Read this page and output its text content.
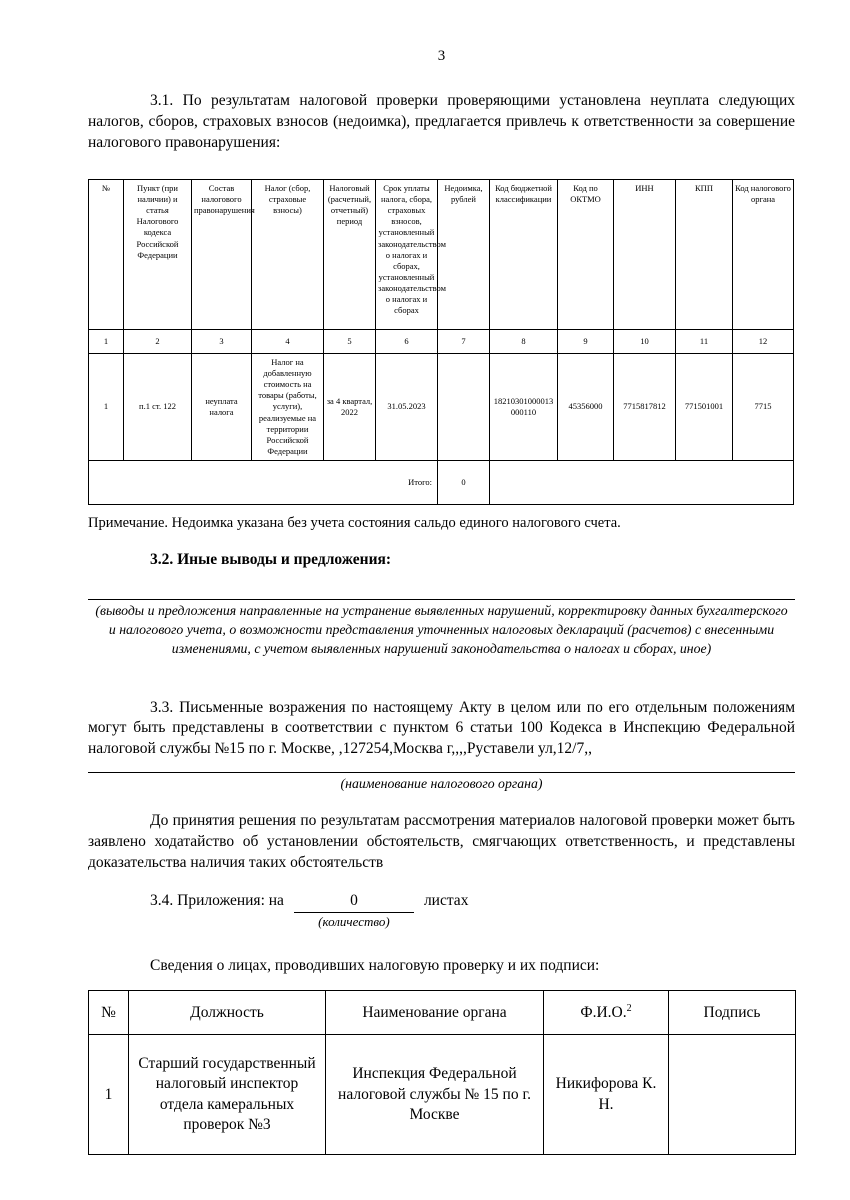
3
3.1. По результатам налоговой проверки проверяющими установлена неуплата следующих налогов, сборов, страховых взносов (недоимка), предлагается привлечь к ответственности за совершение налогового правонарушения:
№	Пункт (при наличии) и статья Налогового кодекса Российской Федерации	Состав налогового правонарушения	Налог (сбор, страховые взносы)	Налоговый (расчетный, отчетный) период	Срок уплаты налога, сбора, страховых взносов, установленный законодательством о налогах и сборах, установленный законодательством о налогах и сборах	Недоимка, рублей	Код бюджетной классификации	Код по ОКТМО	ИНН	КПП	Код налогового органа
1	2	3	4	5	6	7	8	9	10	11	12
1	п.1 ст. 122	неуплата налога	Налог на добавленную стоимость на товары (работы, услуги), реализуемые на территории Российской Федерации	за 4 квартал, 2022	31.05.2023		18210301000013000110	45356000	7715817812	771501001	7715
Итого:						0					
Примечание. Недоимка указана без учета состояния сальдо единого налогового счета.
3.2. Иные выводы и предложения:
(выводы и предложения направленные на устранение выявленных нарушений, корректировку данных бухгалтерского и налогового учета, о возможности представления уточненных налоговых деклараций (расчетов) с внесенными изменениями, с учетом выявленных нарушений законодательства о налогах и сборах, иное)
3.3. Письменные возражения по настоящему Акту в целом или по его отдельным положениям могут быть представлены в соответствии с пунктом 6 статьи 100 Кодекса в Инспекцию Федеральной налоговой службы №15 по г. Москве, ,127254,Москва г,,,,Руставели ул,12/7,,
(наименование налогового органа)
До принятия решения по результатам рассмотрения материалов налоговой проверки может быть заявлено ходатайство об установлении обстоятельств, смягчающих ответственность, и представлены доказательства наличия таких обстоятельств
3.4. Приложения: на	0
(количество)
листах
Сведения о лицах, проводивших налоговую проверку и их подписи:
№	Должность	Наименование органа	Ф.И.О.$^2$	Подпись
1	Старший государственный налоговый инспектор отдела камеральных проверок №3	Инспекция Федеральной налоговой службы № 15 по г. Москве	Никифорова К. Н.	
